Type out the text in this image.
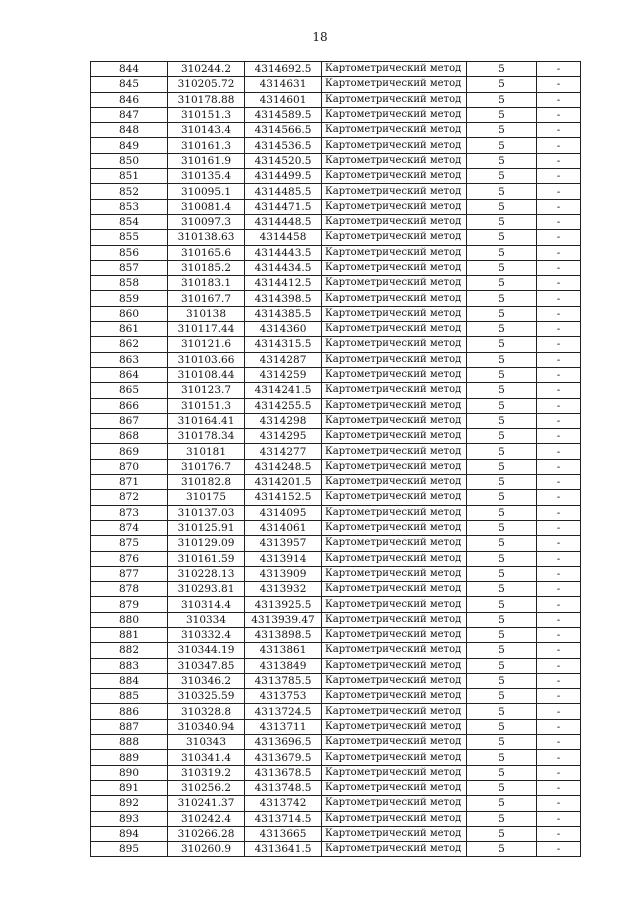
18
844	310244.2	4314692.5	Картометрический метод	5	-
845	310205.72	4314631	Картометрический метод	5	-
846	310178.88	4314601	Картометрический метод	5	-
847	310151.3	4314589.5	Картометрический метод	5	-
848	310143.4	4314566.5	Картометрический метод	5	-
849	310161.3	4314536.5	Картометрический метод	5	-
850	310161.9	4314520.5	Картометрический метод	5	-
851	310135.4	4314499.5	Картометрический метод	5	-
852	310095.1	4314485.5	Картометрический метод	5	-
853	310081.4	4314471.5	Картометрический метод	5	-
854	310097.3	4314448.5	Картометрический метод	5	-
855	310138.63	4314458	Картометрический метод	5	-
856	310165.6	4314443.5	Картометрический метод	5	-
857	310185.2	4314434.5	Картометрический метод	5	-
858	310183.1	4314412.5	Картометрический метод	5	-
859	310167.7	4314398.5	Картометрический метод	5	-
860	310138	4314385.5	Картометрический метод	5	-
861	310117.44	4314360	Картометрический метод	5	-
862	310121.6	4314315.5	Картометрический метод	5	-
863	310103.66	4314287	Картометрический метод	5	-
864	310108.44	4314259	Картометрический метод	5	-
865	310123.7	4314241.5	Картометрический метод	5	-
866	310151.3	4314255.5	Картометрический метод	5	-
867	310164.41	4314298	Картометрический метод	5	-
868	310178.34	4314295	Картометрический метод	5	-
869	310181	4314277	Картометрический метод	5	-
870	310176.7	4314248.5	Картометрический метод	5	-
871	310182.8	4314201.5	Картометрический метод	5	-
872	310175	4314152.5	Картометрический метод	5	-
873	310137.03	4314095	Картометрический метод	5	-
874	310125.91	4314061	Картометрический метод	5	-
875	310129.09	4313957	Картометрический метод	5	-
876	310161.59	4313914	Картометрический метод	5	-
877	310228.13	4313909	Картометрический метод	5	-
878	310293.81	4313932	Картометрический метод	5	-
879	310314.4	4313925.5	Картометрический метод	5	-
880	310334	4313939.47	Картометрический метод	5	-
881	310332.4	4313898.5	Картометрический метод	5	-
882	310344.19	4313861	Картометрический метод	5	-
883	310347.85	4313849	Картометрический метод	5	-
884	310346.2	4313785.5	Картометрический метод	5	-
885	310325.59	4313753	Картометрический метод	5	-
886	310328.8	4313724.5	Картометрический метод	5	-
887	310340.94	4313711	Картометрический метод	5	-
888	310343	4313696.5	Картометрический метод	5	-
889	310341.4	4313679.5	Картометрический метод	5	-
890	310319.2	4313678.5	Картометрический метод	5	-
891	310256.2	4313748.5	Картометрический метод	5	-
892	310241.37	4313742	Картометрический метод	5	-
893	310242.4	4313714.5	Картометрический метод	5	-
894	310266.28	4313665	Картометрический метод	5	-
895	310260.9	4313641.5	Картометрический метод	5	-
